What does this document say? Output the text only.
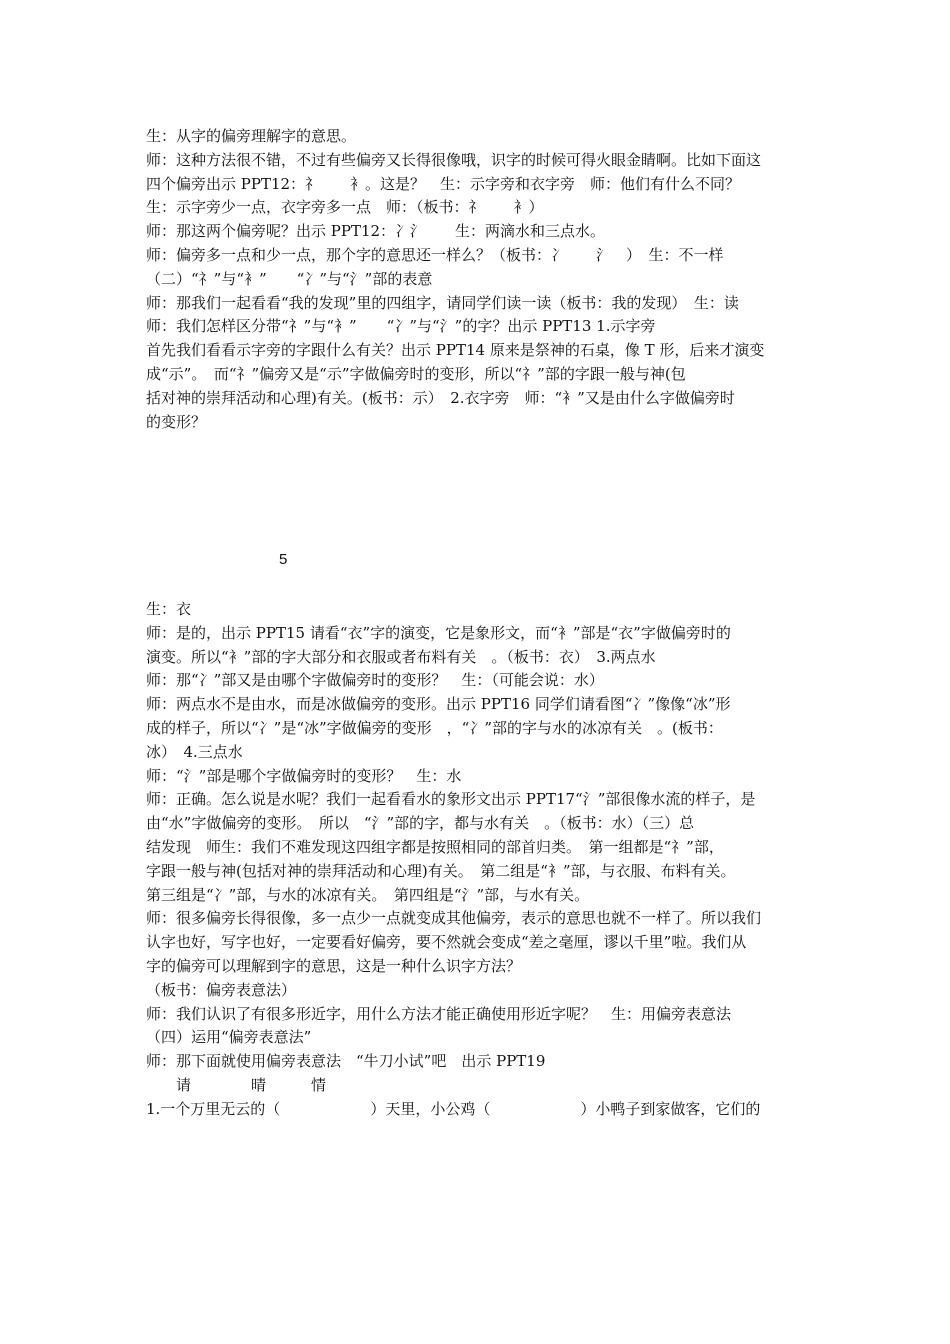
生：从字的偏旁理解字的意思。
师：这种方法很不错，不过有些偏旁又长得很像哦，识字的时候可得火眼金睛啊。比如下面这
四个偏旁出示 PPT12：礻　　衤。这是？　生：示字旁和衣字旁　师：他们有什么不同？
生：示字旁少一点，衣字旁多一点　师：（板书：礻　　衤）
师：那这两个偏旁呢？出示 PPT12：冫氵　　生：两滴水和三点水。
师：偏旁多一点和少一点，那个字的意思还一样么？（板书：冫　　氵　）　生：不一样
（二）“礻”与“衤”　　“冫”与“氵”部的表意
师：那我们一起看看“我的发现”里的四组字，请同学们读一读（板书：我的发现）　生：读
师：我们怎样区分带“礻”与“衤”　　“冫”与“氵”的字？出示 PPT13 1.示字旁
首先我们看看示字旁的字跟什么有关？出示 PPT14 原来是祭神的石桌，像 T 形，后来才演变
成“示”。　而“礻”偏旁又是“示”字做偏旁时的变形，所以“礻”部的字跟一般与神(包
括对神的崇拜活动和心理)有关。(板书：示）　2.衣字旁　师：“衤”又是由什么字做偏旁时
的变形？
5
生：衣
师：是的，出示 PPT15 请看“衣”字的演变，它是象形文，而“衤”部是“衣”字做偏旁时的
演变。所以“衤”部的字大部分和衣服或者布料有关　。（板书：衣）　3.两点水
师：那“冫”部又是由哪个字做偏旁时的变形？　生：（可能会说：水）
师：两点水不是由水，而是冰做偏旁的变形。出示 PPT16 同学们请看图“冫”像像“冰”形
成的样子，所以“冫”是“冰”字做偏旁的变形　，“冫”部的字与水的冰凉有关　。(板书：
冰）　4.三点水
师：“氵”部是哪个字做偏旁时的变形？　生：水
师：正确。怎么说是水呢？我们一起看看水的象形文出示 PPT17“氵”部很像水流的样子，是
由“水”字做偏旁的变形。　所以　“氵”部的字，都与水有关　。（板书：水）（三）总
结发现　师生：我们不难发现这四组字都是按照相同的部首归类。　第一组都是“礻”部，
字跟一般与神(包括对神的崇拜活动和心理)有关。　第二组是“衤”部，与衣服、布料有关。
第三组是“冫”部，与水的冰凉有关。　第四组是“氵”部，与水有关。
师：很多偏旁长得很像，多一点少一点就变成其他偏旁，表示的意思也就不一样了。所以我们
认字也好，写字也好，一定要看好偏旁，要不然就会变成“差之毫厘，谬以千里”啦。我们从
字的偏旁可以理解到字的意思，这是一种什么识字方法？
（板书：偏旁表意法）
师：我们认识了有很多形近字，用什么方法才能正确使用形近字呢？　生：用偏旁表意法
（四）运用“偏旁表意法”
师：那下面就使用偏旁表意法　“牛刀小试”吧　出示 PPT19
　　请　　　　晴　　　情
1.一个万里无云的（　　　　　　）天里，小公鸡（　　　　　　）小鸭子到家做客，它们的
